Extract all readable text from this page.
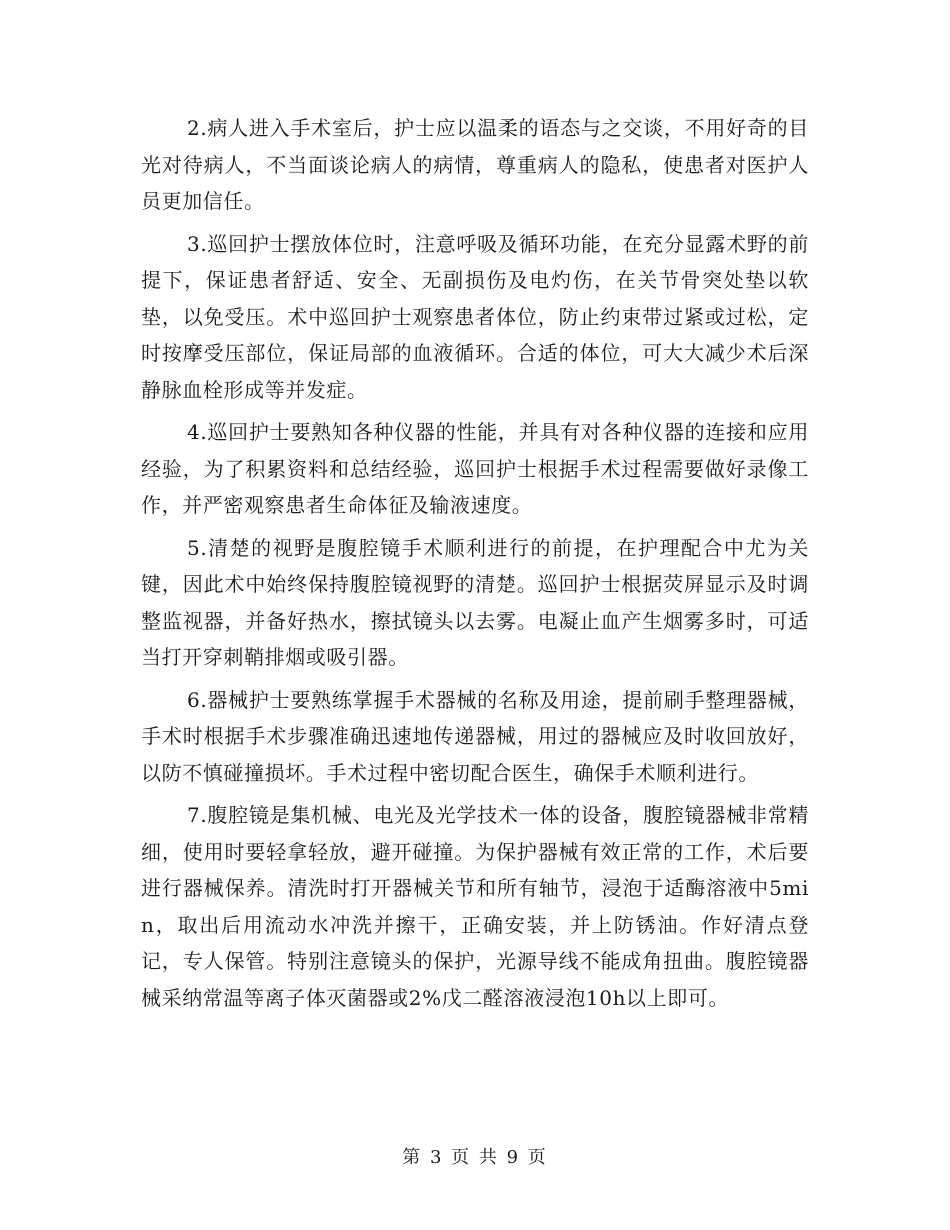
2.病人进入手术室后，护士应以温柔的语态与之交谈，不用好奇的目光对待病人，不当面谈论病人的病情，尊重病人的隐私，使患者对医护人员更加信任。

3.巡回护士摆放体位时，注意呼吸及循环功能，在充分显露术野的前提下，保证患者舒适、安全、无副损伤及电灼伤，在关节骨突处垫以软垫，以免受压。术中巡回护士观察患者体位，防止约束带过紧或过松，定时按摩受压部位，保证局部的血液循环。合适的体位，可大大减少术后深静脉血栓形成等并发症。

4.巡回护士要熟知各种仪器的性能，并具有对各种仪器的连接和应用经验，为了积累资料和总结经验，巡回护士根据手术过程需要做好录像工作，并严密观察患者生命体征及输液速度。

5.清楚的视野是腹腔镜手术顺利进行的前提，在护理配合中尤为关键，因此术中始终保持腹腔镜视野的清楚。巡回护士根据荧屏显示及时调整监视器，并备好热水，擦拭镜头以去雾。电凝止血产生烟雾多时，可适当打开穿刺鞘排烟或吸引器。

6.器械护士要熟练掌握手术器械的名称及用途，提前刷手整理器械，手术时根据手术步骤准确迅速地传递器械，用过的器械应及时收回放好，以防不慎碰撞损坏。手术过程中密切配合医生，确保手术顺利进行。

7.腹腔镜是集机械、电光及光学技术一体的设备，腹腔镜器械非常精细，使用时要轻拿轻放，避开碰撞。为保护器械有效正常的工作，术后要进行器械保养。清洗时打开器械关节和所有轴节，浸泡于适酶溶液中5min，取出后用流动水冲洗并擦干，正确安装，并上防锈油。作好清点登记，专人保管。特别注意镜头的保护，光源导线不能成角扭曲。腹腔镜器械采纳常温等离子体灭菌器或2%戊二醛溶液浸泡10h以上即可。

第 3 页 共 9 页
